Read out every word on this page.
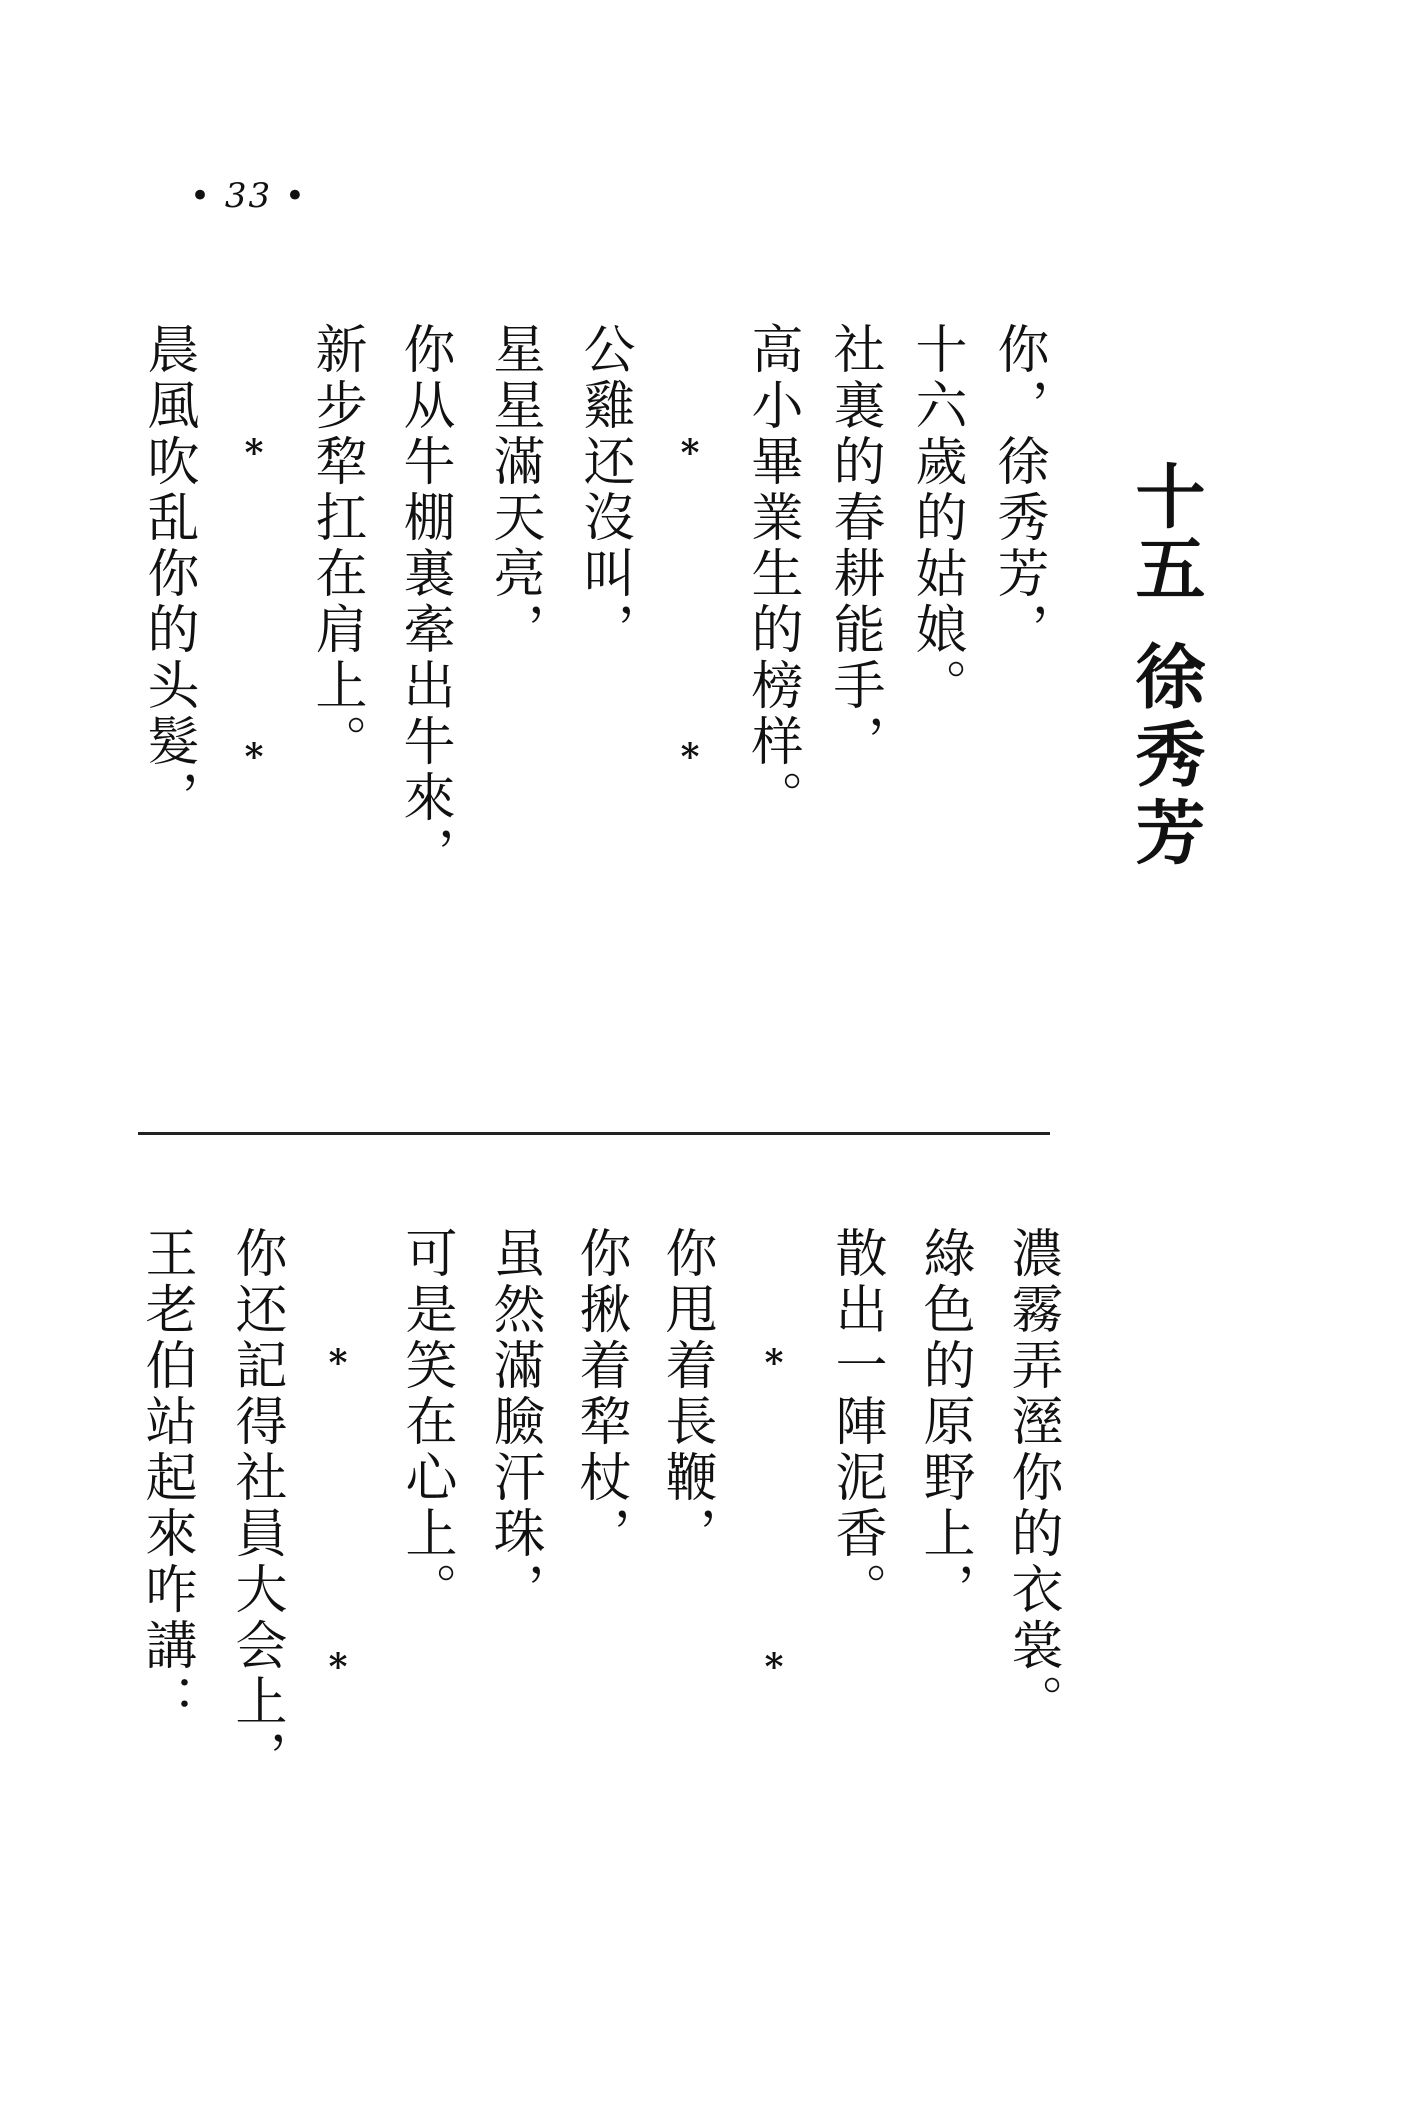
• 33 •
十五
徐秀芳
你，徐秀芳，
十六歲的姑娘。
社裏的春耕能手，
高小畢業生的榜样。
* *
公雞还沒叫，
星星滿天亮，
你从牛棚裏牽出牛來，
新步犂扛在肩上。
* *
晨風吹乱你的头髮，
濃霧弄溼你的衣裳。
綠色的原野上，
散出一陣泥香。
* *
你甩着長鞭，
你揪着犂杖，
虽然滿臉汗珠，
可是笑在心上。
* *
你还記得社員大会上，
王老伯站起來咋講：
